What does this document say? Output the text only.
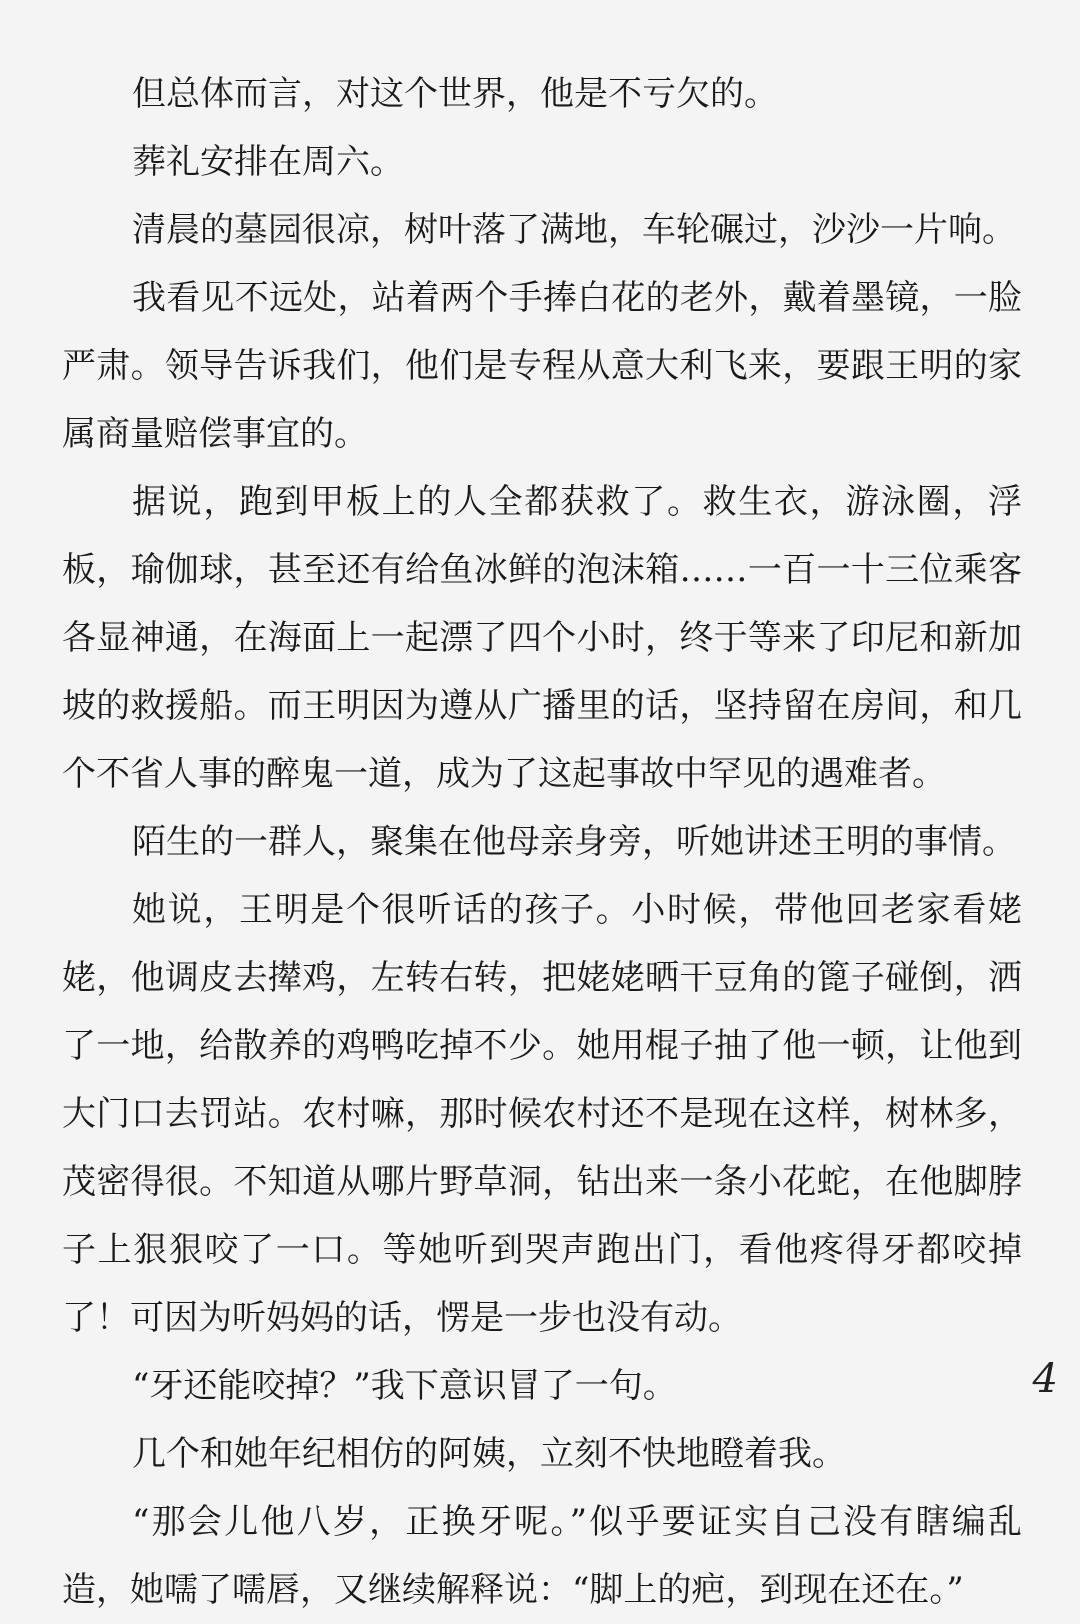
但总体而言，对这个世界，他是不亏欠的。

葬礼安排在周六。

清晨的墓园很凉，树叶落了满地，车轮碾过，沙沙一片响。

我看见不远处，站着两个手捧白花的老外，戴着墨镜，一脸严肃。领导告诉我们，他们是专程从意大利飞来，要跟王明的家属商量赔偿事宜的。

据说，跑到甲板上的人全都获救了。救生衣，游泳圈，浮板，瑜伽球，甚至还有给鱼冰鲜的泡沫箱……一百一十三位乘客各显神通，在海面上一起漂了四个小时，终于等来了印尼和新加坡的救援船。而王明因为遵从广播里的话，坚持留在房间，和几个不省人事的醉鬼一道，成为了这起事故中罕见的遇难者。

陌生的一群人，聚集在他母亲身旁，听她讲述王明的事情。

她说，王明是个很听话的孩子。小时候，带他回老家看姥姥，他调皮去撵鸡，左转右转，把姥姥晒干豆角的篦子碰倒，洒了一地，给散养的鸡鸭吃掉不少。她用棍子抽了他一顿，让他到大门口去罚站。农村嘛，那时候农村还不是现在这样，树林多，茂密得很。不知道从哪片野草洞，钻出来一条小花蛇，在他脚脖子上狠狠咬了一口。等她听到哭声跑出门，看他疼得牙都咬掉了！可因为听妈妈的话，愣是一步也没有动。

“牙还能咬掉？”我下意识冒了一句。

几个和她年纪相仿的阿姨，立刻不快地瞪着我。

“那会儿他八岁，正换牙呢。”似乎要证实自己没有瞎编乱造，她嚅了嚅唇，又继续解释说：“脚上的疤，到现在还在。”

4
